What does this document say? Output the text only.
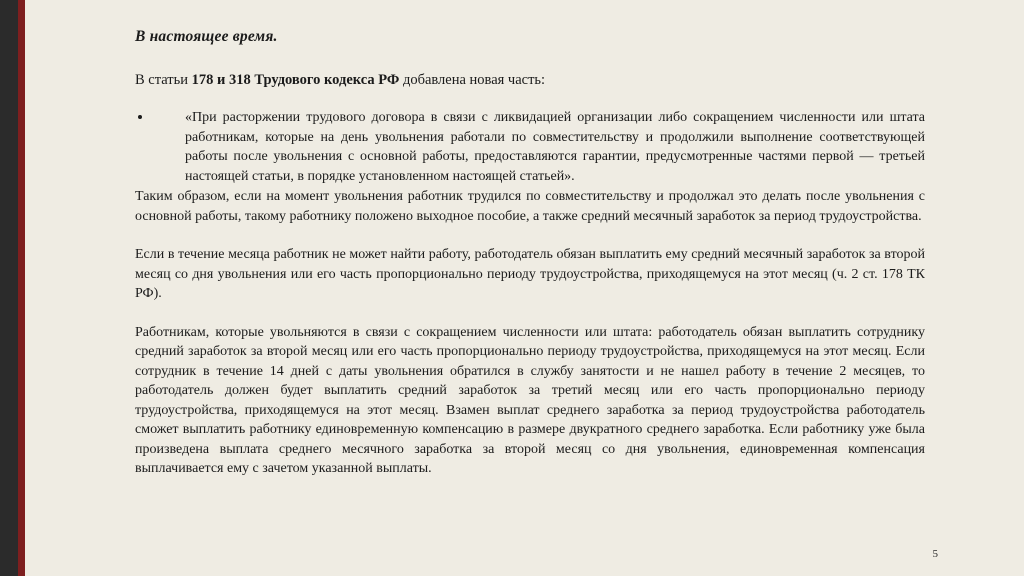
В настоящее время.
В статьи 178 и 318 Трудового кодекса РФ добавлена новая часть:
«При расторжении трудового договора в связи с ликвидацией организации либо сокращением численности или штата работникам, которые на день увольнения работали по совместительству и продолжили выполнение соответствующей работы после увольнения с основной работы, предоставляются гарантии, предусмотренные частями первой — третьей настоящей статьи, в порядке установленном настоящей статьей».

Таким образом, если на момент увольнения работник трудился по совместительству и продолжал это делать после увольнения с основной работы, такому работнику положено выходное пособие, а также средний месячный заработок за период трудоустройства.

Если в течение месяца работник не может найти работу, работодатель обязан выплатить ему средний месячный заработок за второй месяц со дня увольнения или его часть пропорционально периоду трудоустройства, приходящемуся на этот месяц (ч. 2 ст. 178 ТК РФ).

Работникам, которые увольняются в связи с сокращением численности или штата: работодатель обязан выплатить сотруднику средний заработок за второй месяц или его часть пропорционально периоду трудоустройства, приходящемуся на этот месяц. Если сотрудник в течение 14 дней с даты увольнения обратился в службу занятости и не нашел работу в течение 2 месяцев, то работодатель должен будет выплатить средний заработок за третий месяц или его часть пропорционально периоду трудоустройства, приходящемуся на этот месяц. Взамен выплат среднего заработка за период трудоустройства работодатель сможет выплатить работнику единовременную компенсацию в размере двукратного среднего заработка. Если работнику уже была произведена выплата среднего месячного заработка за второй месяц со дня увольнения, единовременная компенсация выплачивается ему с зачетом указанной выплаты.

5
